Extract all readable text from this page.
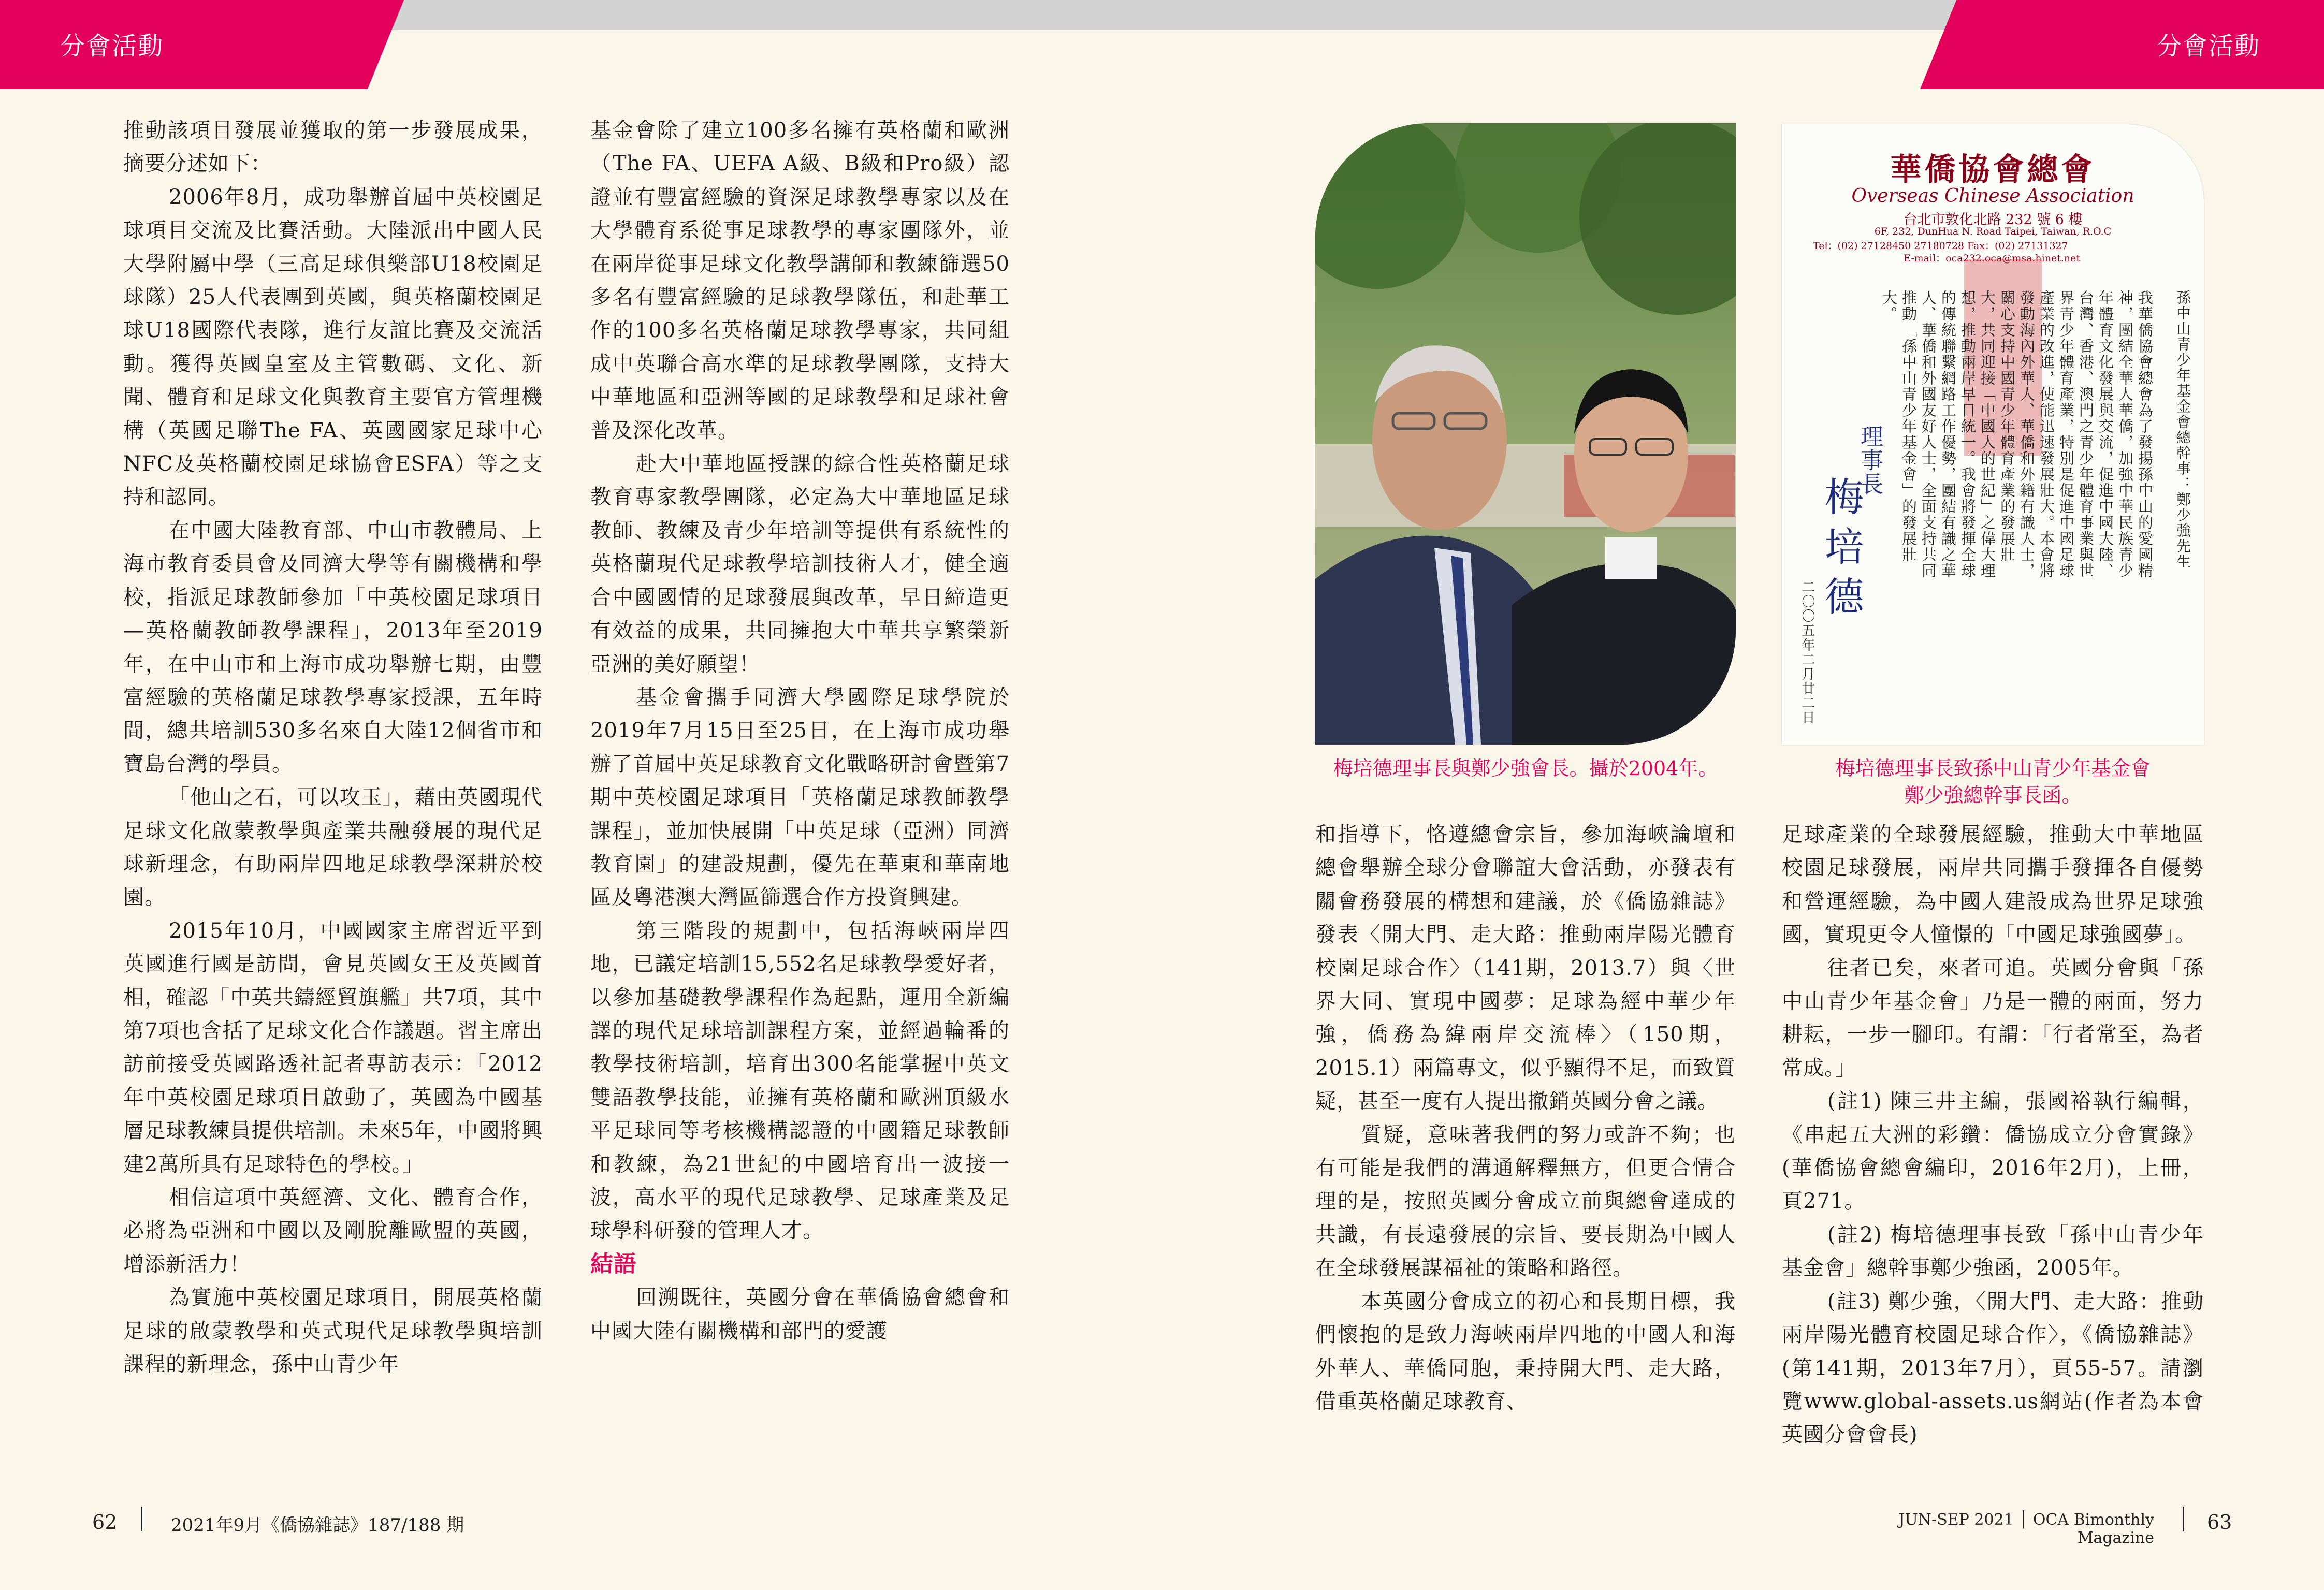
分會活動	分會活動

推動該項目發展並獲取的第一步發展成果，摘要分述如下：

2006年8月，成功舉辦首屆中英校園足球項目交流及比賽活動。大陸派出中國人民大學附屬中學（三高足球俱樂部U18校園足球隊）25人代表團到英國，與英格蘭校園足球U18國際代表隊，進行友誼比賽及交流活動。獲得英國皇室及主管數碼、文化、新聞、體育和足球文化與教育主要官方管理機構（英國足聯The FA、英國國家足球中心NFC及英格蘭校園足球協會ESFA）等之支持和認同。

在中國大陸教育部、中山市教體局、上海市教育委員會及同濟大學等有關機構和學校，指派足球教師參加「中英校園足球項目—英格蘭教師教學課程」，2013年至2019年，在中山市和上海市成功舉辦七期，由豐富經驗的英格蘭足球教學專家授課，五年時間，總共培訓530多名來自大陸12個省市和寶島台灣的學員。

「他山之石，可以攻玉」，藉由英國現代足球文化啟蒙教學與產業共融發展的現代足球新理念，有助兩岸四地足球教學深耕於校園。

2015年10月，中國國家主席習近平到英國進行國是訪問，會見英國女王及英國首相，確認「中英共鑄經貿旗艦」共7項，其中第7項也含括了足球文化合作議題。習主席出訪前接受英國路透社記者專訪表示：「2012年中英校園足球項目啟動了，英國為中國基層足球教練員提供培訓。未來5年，中國將興建2萬所具有足球特色的學校。」

相信這項中英經濟、文化、體育合作，必將為亞洲和中國以及剛脫離歐盟的英國，增添新活力！

為實施中英校園足球項目，開展英格蘭足球的啟蒙教學和英式現代足球教學與培訓課程的新理念，孫中山青少年

基金會除了建立100多名擁有英格蘭和歐洲（The FA、UEFA A級、B級和Pro級）認證並有豐富經驗的資深足球教學專家以及在大學體育系從事足球教學的專家團隊外，並在兩岸從事足球文化教學講師和教練篩選50多名有豐富經驗的足球教學隊伍，和赴華工作的100多名英格蘭足球教學專家，共同組成中英聯合高水準的足球教學團隊，支持大中華地區和亞洲等國的足球教學和足球社會普及深化改革。

赴大中華地區授課的綜合性英格蘭足球教育專家教學團隊，必定為大中華地區足球教師、教練及青少年培訓等提供有系統性的英格蘭現代足球教學培訓技術人才，健全適合中國國情的足球發展與改革，早日締造更有效益的成果，共同擁抱大中華共享繁榮新亞洲的美好願望！

基金會攜手同濟大學國際足球學院於2019年7月15日至25日，在上海市成功舉辦了首屆中英足球教育文化戰略研討會暨第7期中英校園足球項目「英格蘭足球教師教學課程」，並加快展開「中英足球（亞洲）同濟教育園」的建設規劃，優先在華東和華南地區及粵港澳大灣區篩選合作方投資興建。

第三階段的規劃中，包括海峽兩岸四地，已議定培訓15,552名足球教學愛好者，以參加基礎教學課程作為起點，運用全新編譯的現代足球培訓課程方案，並經過輪番的教學技術培訓，培育出300名能掌握中英文雙語教學技能，並擁有英格蘭和歐洲頂級水平足球同等考核機構認證的中國籍足球教師和教練，為21世紀的中國培育出一波接一波，高水平的現代足球教學、足球產業及足球學科研發的管理人才。

結語

回溯既往，英國分會在華僑協會總會和中國大陸有關機構和部門的愛護

梅培德理事長與鄭少強會長。攝於2004年。
華僑協會總會
Overseas Chinese Association
台北市敦化北路 232 號 6 樓
6F, 232, DunHua N. Road Taipei, Taiwan, R.O.C
Tel：(02) 27128450 27180728 Fax：(02) 27131327
E-mail：oca232.oca@msa.hinet.net
孫中山青少年基金會總幹事：鄭少強先生
我華僑協會總會為了發揚孫中山的愛國精神，團結全華人華僑，加強中華民族青少年體育文化發展與交流，促進中國大陸、台灣、香港、澳門之青少年體育事業與世界青少年體育產業，特別是促進中國足球產業的改進，使能迅速發展壯大。本會將發動海內外華人、華僑和外籍有識人士，關心支持中國青少年體育產業的發展壯大，共同迎接「中國人的世紀」之偉大理想，推動兩岸早日統一。我會將發揮全球的傳統聯繫網路工作優勢，團結有識之華人、華僑和外國友好人士，全面支持共同推動「孫中山青少年基金會」的發展壯大。
理事長
梅培德
二〇〇五年二月廿二日
梅培德理事長致孫中山青少年基金會
鄭少強總幹事長函。

和指導下，恪遵總會宗旨，參加海峽論壇和總會舉辦全球分會聯誼大會活動，亦發表有關會務發展的構想和建議，於《僑協雜誌》發表〈開大門、走大路：推動兩岸陽光體育校園足球合作〉（141期，2013.7）與〈世界大同、實現中國夢：足球為經中華少年強，僑務為緯兩岸交流棒〉（150期，2015.1）兩篇專文，似乎顯得不足，而致質疑，甚至一度有人提出撤銷英國分會之議。

質疑，意味著我們的努力或許不夠；也有可能是我們的溝通解釋無方，但更合情合理的是，按照英國分會成立前與總會達成的共識，有長遠發展的宗旨、要長期為中國人在全球發展謀福祉的策略和路徑。

本英國分會成立的初心和長期目標，我們懷抱的是致力海峽兩岸四地的中國人和海外華人、華僑同胞，秉持開大門、走大路，借重英格蘭足球教育、

足球產業的全球發展經驗，推動大中華地區校園足球發展，兩岸共同攜手發揮各自優勢和營運經驗，為中國人建設成為世界足球強國，實現更令人憧憬的「中國足球強國夢」。

往者已矣，來者可追。英國分會與「孫中山青少年基金會」乃是一體的兩面，努力耕耘，一步一腳印。有謂：「行者常至，為者常成。」

(註1) 陳三井主編，張國裕執行編輯，《串起五大洲的彩鑽：僑協成立分會實錄》(華僑協會總會編印，2016年2月)，上冊，頁271。

(註2) 梅培德理事長致「孫中山青少年基金會」總幹事鄭少強函，2005年。

(註3) 鄭少強，〈開大門、走大路：推動兩岸陽光體育校園足球合作〉，《僑協雜誌》(第141期，2013年7月），頁55-57。請瀏覽www.global-assets.us網站(作者為本會英國分會會長)

62	2021年9月《僑協雜誌》187/188 期	JUN-SEP 2021 │ OCA Bimonthly Magazine
63
